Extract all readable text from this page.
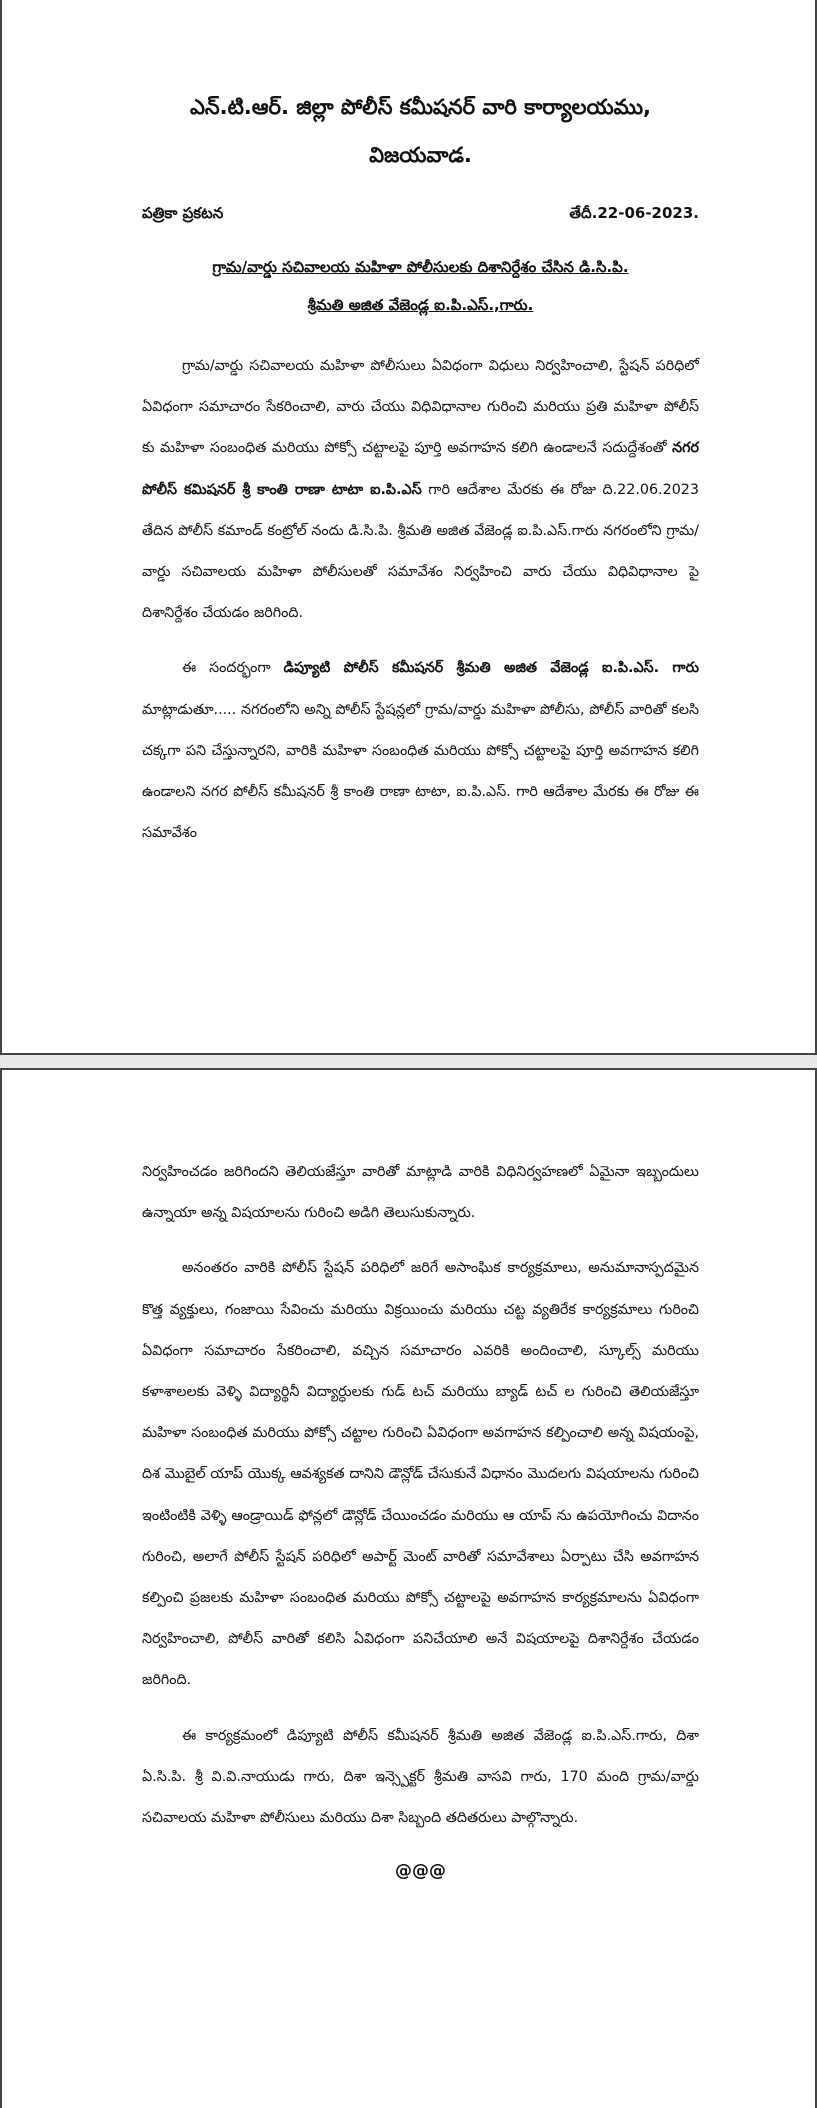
ఎన్.టి.ఆర్. జిల్లా పోలీస్ కమీషనర్ వారి కార్యాలయము,
విజయవాడ.
పత్రికా ప్రకటన	తేదీ.22-06-2023.
గ్రామ/వార్డు సచివాలయ మహిళా పోలీసులకు దిశానిర్దేశం చేసిన డి.సి.పి.
శ్రీమతి అజిత వేజెండ్ల ఐ.పి.ఎస్.,గారు.

గ్రామ/వార్డు సచివాలయ మహిళా పోలీసులు ఏవిధంగా విధులు నిర్వహించాలి, స్టేషన్ పరిధిలో ఏవిధంగా సమాచారం సేకరించాలి, వారు చేయు విధివిధానాల గురించి మరియు ప్రతి మహిళా పోలీస్ కు మహిళా సంబంధిత మరియు పోక్సో చట్టాలపై పూర్తి అవగాహన కలిగి ఉండాలనే సదుద్దేశంతో నగర పోలీస్ కమిషనర్ శ్రీ కాంతి రాణా టాటా ఐ.పి.ఎస్ గారి ఆదేశాల మేరకు ఈ రోజు ది.22.06.2023 తేదిన పోలీస్ కమాండ్ కంట్రోల్ నందు డి.సి.పి. శ్రీమతి అజిత వేజెండ్ల ఐ.పి.ఎస్.గారు నగరంలోని గ్రామ/వార్డు సచివాలయ మహిళా పోలీసులతో సమావేశం నిర్వహించి వారు చేయు విధివిధానాల పై దిశానిర్దేశం చేయడం జరిగింది.

ఈ సందర్భంగా డిప్యూటి పోలీస్ కమీషనర్ శ్రీమతి అజిత వేజెండ్ల ఐ.పి.ఎస్. గారు మాట్లాడుతూ..... నగరంలోని అన్ని పోలీస్ స్టేషన్లలో గ్రామ/వార్డు మహిళా పోలీసు, పోలీస్ వారితో కలసి చక్కగా పని చేస్తున్నారని, వారికి మహిళా సంబంధిత మరియు పోక్సో చట్టాలపై పూర్తి అవగాహన కలిగి ఉండాలని నగర పోలీస్ కమీషనర్ శ్రీ కాంతి రాణా టాటా, ఐ.పి.ఎస్. గారి ఆదేశాల మేరకు ఈ రోజు ఈ సమావేశం

నిర్వహించడం జరిగిందని తెలియజేస్తూ వారితో మాట్లాడి వారికి విధినిర్వహణలో ఏమైనా ఇబ్బందులు ఉన్నాయా అన్న విషయాలను గురించి అడిగి తెలుసుకున్నారు.

అనంతరం వారికి పోలీస్ స్టేషన్ పరిధిలో జరిగే అసాంఘిక కార్యక్రమాలు, అనుమానాస్పదమైన కొత్త వ్యక్తులు, గంజాయి సేవించు మరియు విక్రయించు మరియు చట్ట వ్యతిరేక కార్యక్రమాలు గురించి ఏవిధంగా సమాచారం సేకరించాలి, వచ్చిన సమాచారం ఎవరికి అందించాలి, స్కూల్స్ మరియు కళాశాలలకు వెళ్ళి విద్యార్థినీ విద్యార్ధులకు గుడ్ టచ్ మరియు బ్యాడ్ టచ్ ల గురించి తెలియజేస్తూ మహిళా సంబంధిత మరియు పోక్సో చట్టాల గురించి ఏవిధంగా అవగాహన కల్పించాలి అన్న విషయంపై, దిశ మొబైల్ యాప్ యొక్క ఆవశ్యకత దానిని డౌన్లోడ్ చేసుకునే విధానం మొదలగు విషయాలను గురించి ఇంటింటికి వెళ్ళి ఆండ్రాయిడ్ ఫోన్లలో డౌన్లోడ్ చేయించడం మరియు ఆ యాప్ ను ఉపయోగించు విదానం గురించి, అలాగే పోలీస్ స్టేషన్ పరిధిలో అపార్ట్ మెంట్ వారితో సమావేశాలు ఏర్పాటు చేసి అవగాహన కల్పించి ప్రజలకు మహిళా సంబంధిత మరియు పోక్సో చట్టాలపై అవగాహన కార్యక్రమాలను ఏవిధంగా నిర్వహించాలి, పోలీస్ వారితో కలిసి ఏవిధంగా పనిచేయాలి అనే విషయాలపై దిశానిర్దేశం చేయడం జరిగింది.

ఈ కార్యక్రమంలో డిప్యూటి పోలీస్ కమీషనర్ శ్రీమతి అజిత వేజెండ్ల ఐ.పి.ఎస్.గారు, దిశా ఏ.సి.పి. శ్రీ వి.వి.నాయుడు గారు, దిశా ఇన్స్పెక్టర్ శ్రీమతి వాసవి గారు, 170 మంది గ్రామ/వార్డు సచివాలయ మహిళా పోలీసులు మరియు దిశా సిబ్బంది తదితరులు పాల్గొన్నారు.

@@@
